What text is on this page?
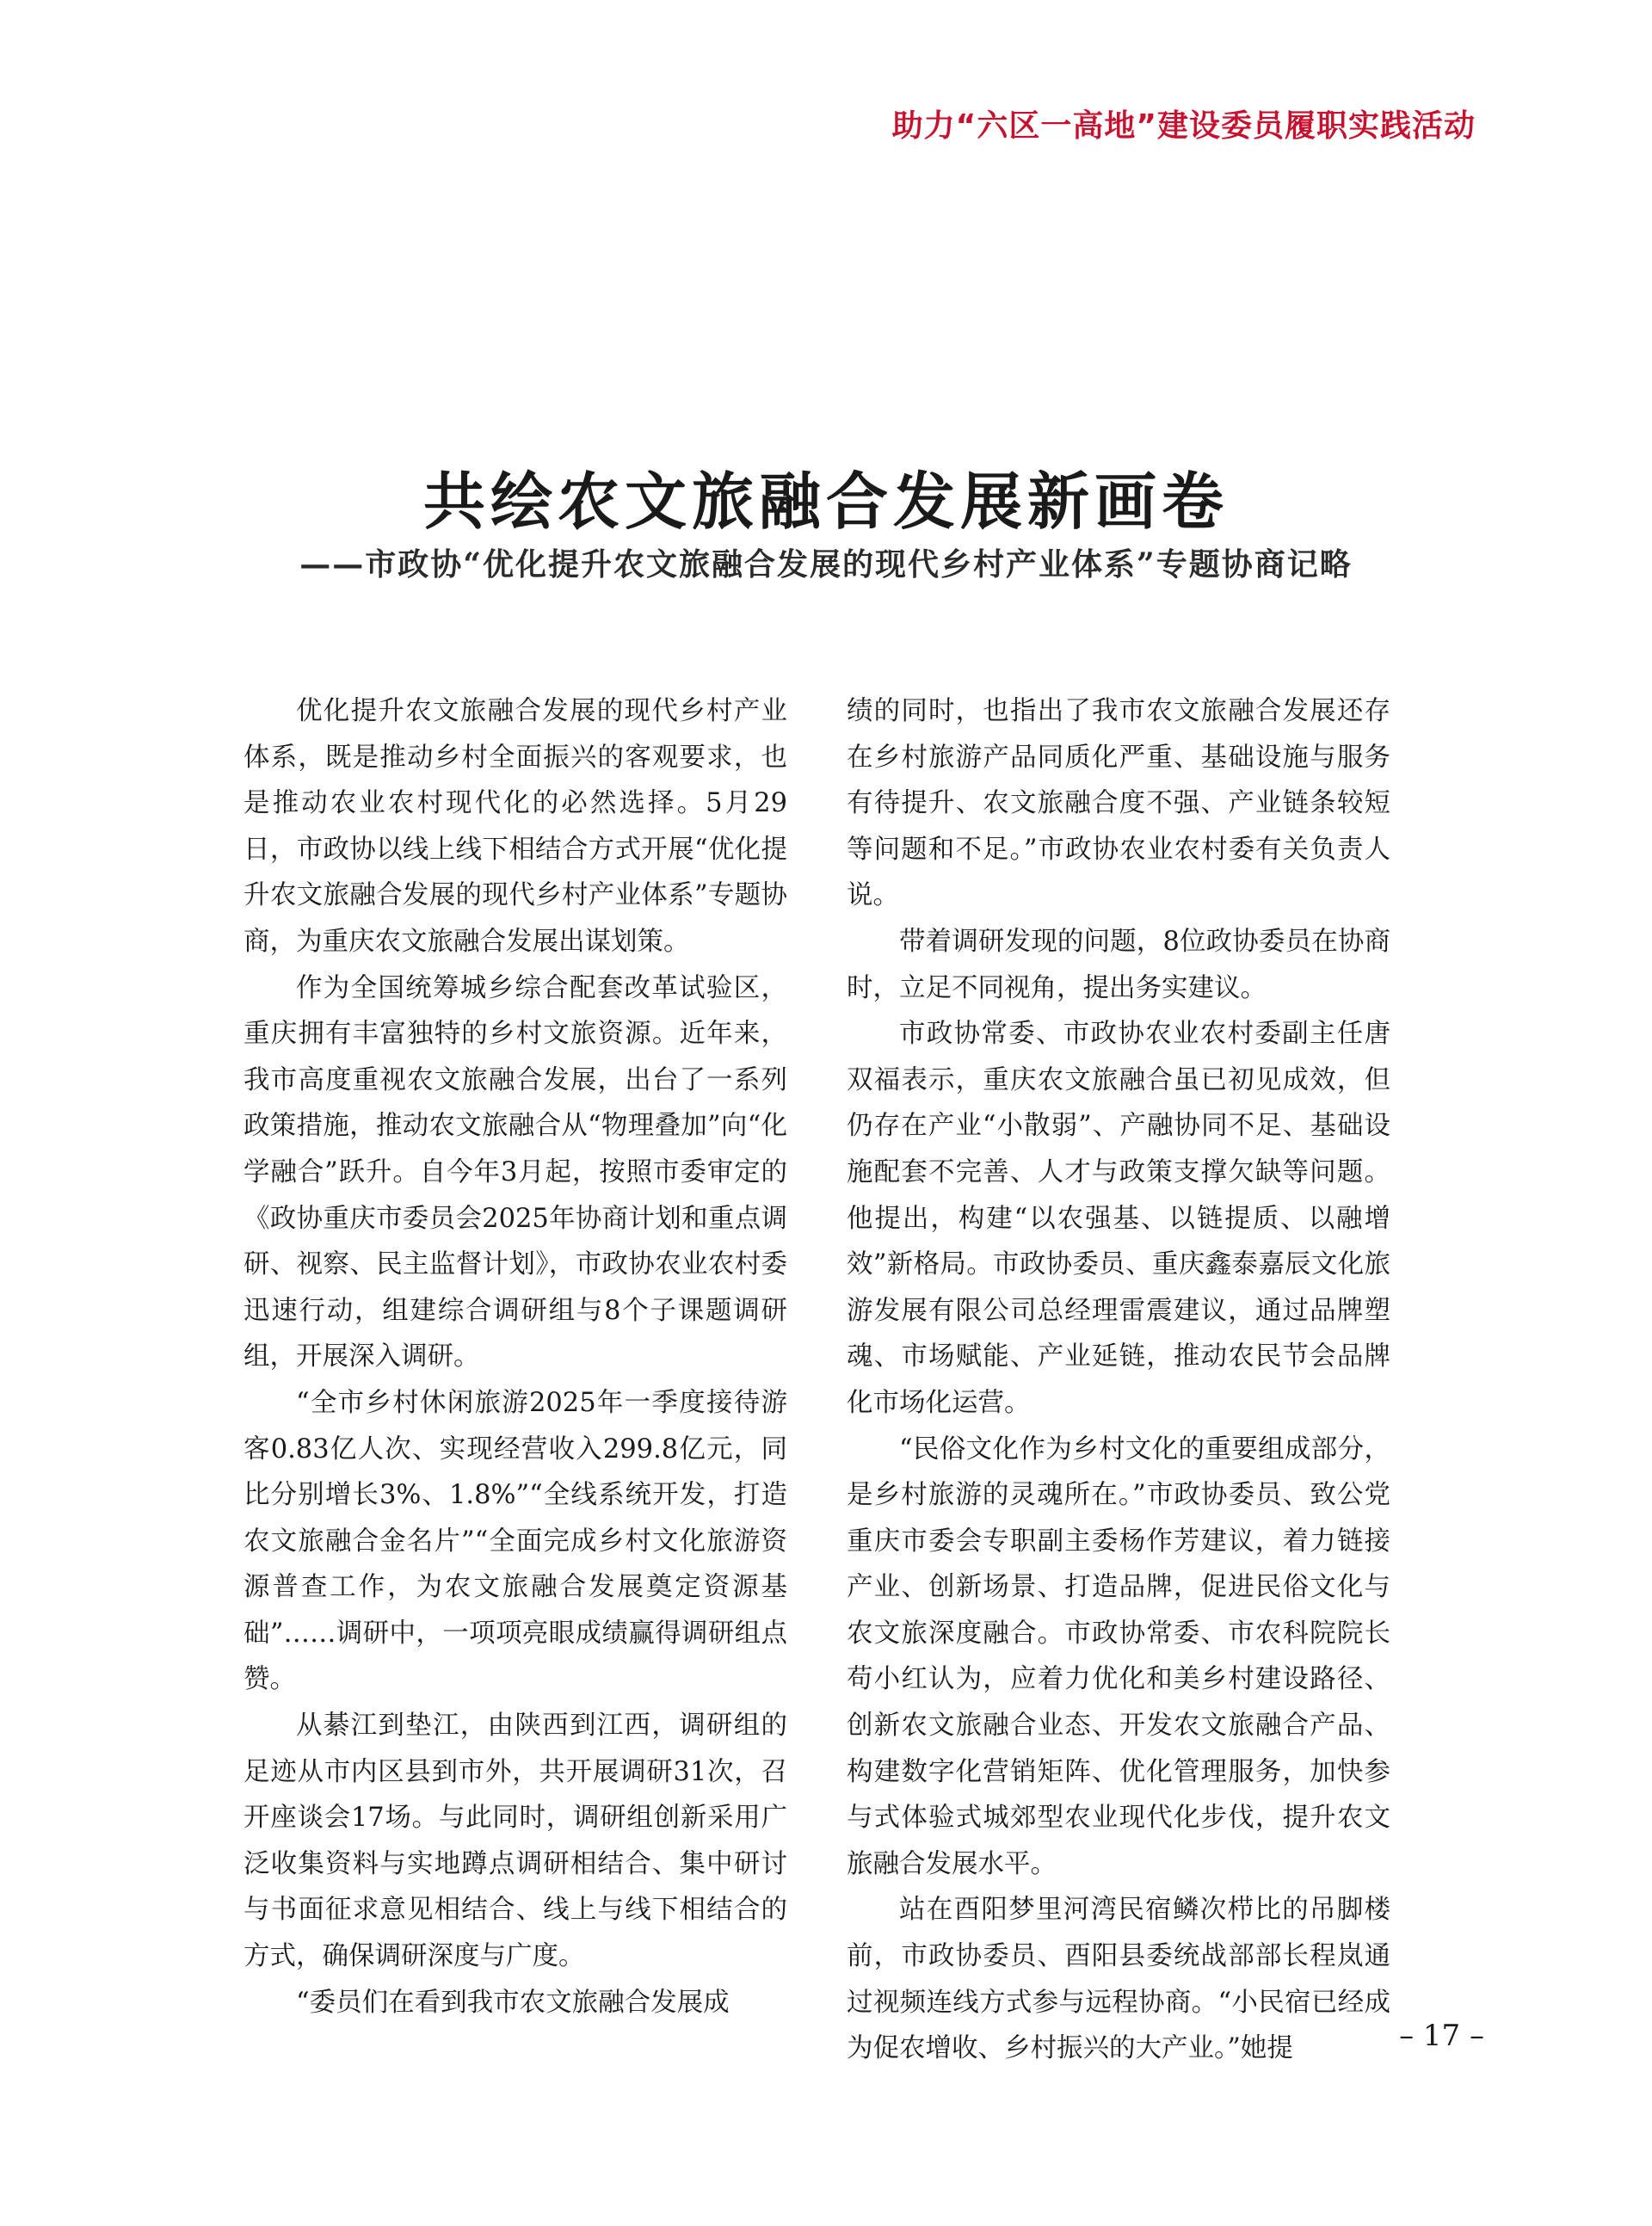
助力“六区一高地”建设委员履职实践活动
共绘农文旅融合发展新画卷
——市政协“优化提升农文旅融合发展的现代乡村产业体系”专题协商记略

优化提升农文旅融合发展的现代乡村产业体系，既是推动乡村全面振兴的客观要求，也是推动农业农村现代化的必然选择。5月29日，市政协以线上线下相结合方式开展“优化提升农文旅融合发展的现代乡村产业体系”专题协商，为重庆农文旅融合发展出谋划策。

作为全国统筹城乡综合配套改革试验区，重庆拥有丰富独特的乡村文旅资源。近年来，我市高度重视农文旅融合发展，出台了一系列政策措施，推动农文旅融合从“物理叠加”向“化学融合”跃升。自今年3月起，按照市委审定的《政协重庆市委员会2025年协商计划和重点调研、视察、民主监督计划》，市政协农业农村委迅速行动，组建综合调研组与8个子课题调研组，开展深入调研。

“全市乡村休闲旅游2025年一季度接待游客0.83亿人次、实现经营收入299.8亿元，同比分别增长3%、1.8%”“全线系统开发，打造农文旅融合金名片”“全面完成乡村文化旅游资源普查工作，为农文旅融合发展奠定资源基础”……调研中，一项项亮眼成绩赢得调研组点赞。

从綦江到垫江，由陕西到江西，调研组的足迹从市内区县到市外，共开展调研31次，召开座谈会17场。与此同时，调研组创新采用广泛收集资料与实地蹲点调研相结合、集中研讨与书面征求意见相结合、线上与线下相结合的方式，确保调研深度与广度。

“委员们在看到我市农文旅融合发展成

绩的同时，也指出了我市农文旅融合发展还存在乡村旅游产品同质化严重、基础设施与服务有待提升、农文旅融合度不强、产业链条较短等问题和不足。”市政协农业农村委有关负责人说。

带着调研发现的问题，8位政协委员在协商时，立足不同视角，提出务实建议。

市政协常委、市政协农业农村委副主任唐双福表示，重庆农文旅融合虽已初见成效，但仍存在产业“小散弱”、产融协同不足、基础设施配套不完善、人才与政策支撑欠缺等问题。他提出，构建“以农强基、以链提质、以融增效”新格局。市政协委员、重庆鑫泰嘉辰文化旅游发展有限公司总经理雷震建议，通过品牌塑魂、市场赋能、产业延链，推动农民节会品牌化市场化运营。

“民俗文化作为乡村文化的重要组成部分，是乡村旅游的灵魂所在。”市政协委员、致公党重庆市委会专职副主委杨作芳建议，着力链接产业、创新场景、打造品牌，促进民俗文化与农文旅深度融合。市政协常委、市农科院院长苟小红认为，应着力优化和美乡村建设路径、创新农文旅融合业态、开发农文旅融合产品、构建数字化营销矩阵、优化管理服务，加快参与式体验式城郊型农业现代化步伐，提升农文旅融合发展水平。

站在酉阳梦里河湾民宿鳞次栉比的吊脚楼前，市政协委员、酉阳县委统战部部长程岚通过视频连线方式参与远程协商。“小民宿已经成为促农增收、乡村振兴的大产业。”她提	– 17 –
